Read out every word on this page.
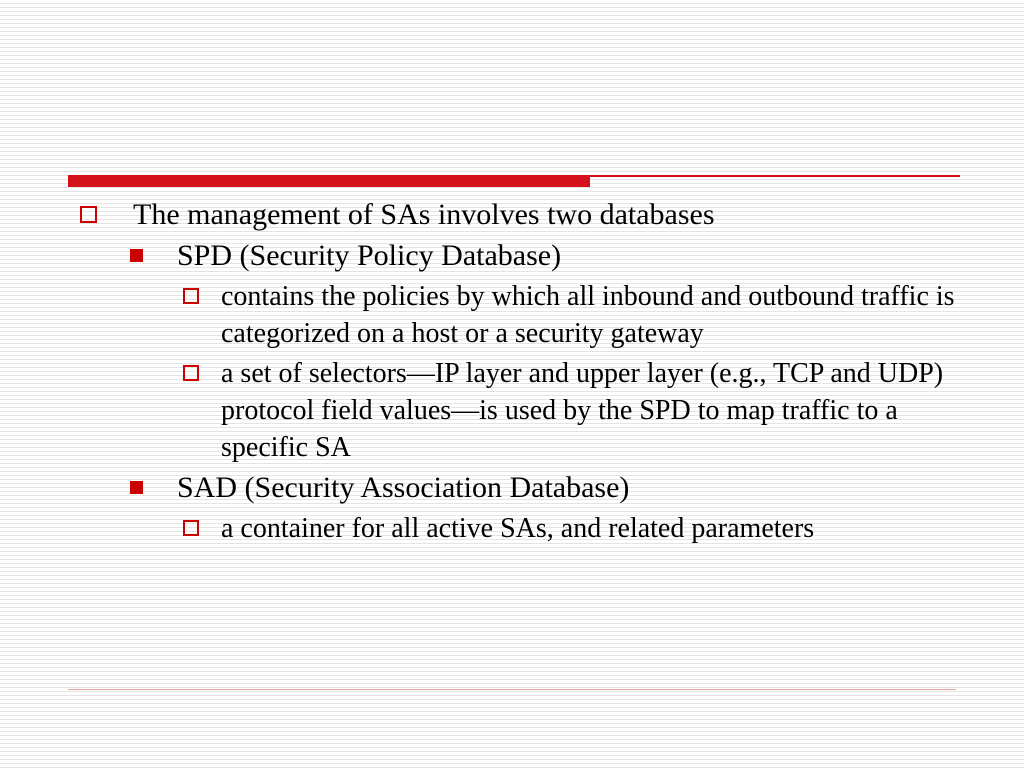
The management of SAs involves two databases
SPD (Security Policy Database)
contains the policies by which all inbound and outbound traffic is categorized on a host or a security gateway
a set of selectors—IP layer and upper layer (e.g., TCP and UDP) protocol field values—is used by the SPD to map traffic to a specific SA
SAD (Security Association Database)
a container for all active SAs, and related parameters
